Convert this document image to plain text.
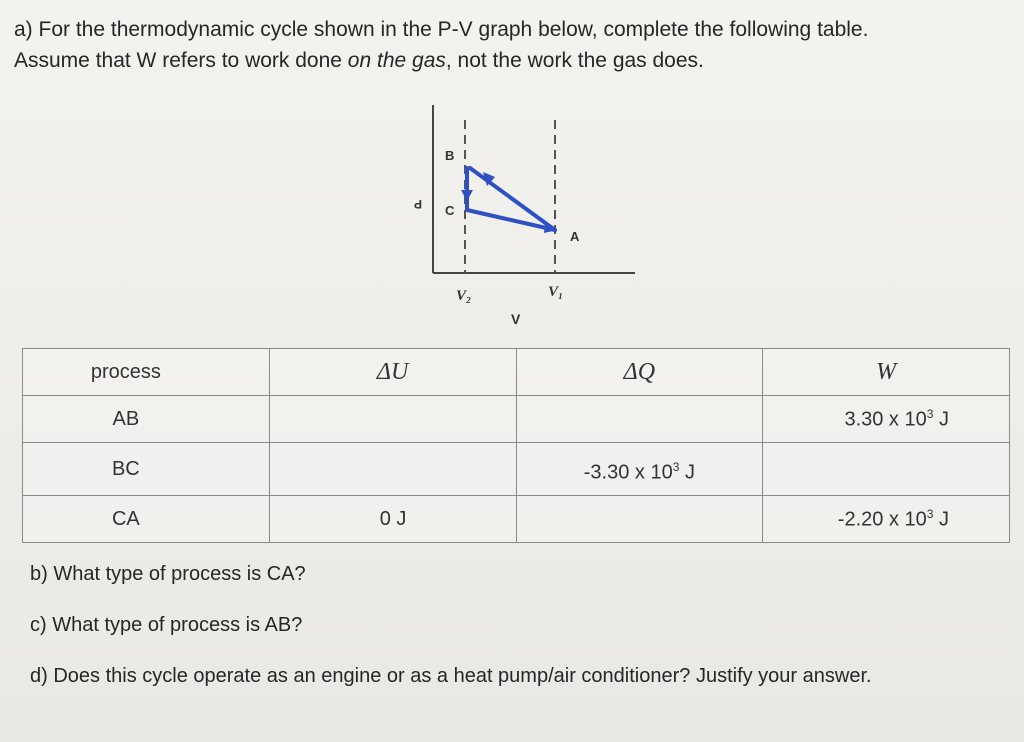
a) For the thermodynamic cycle shown in the P-V graph below, complete the following table.

Assume that W refers to work done on the gas, not the work the gas does.

B
C
A
P
V₂	V₁
V
process	ΔU	ΔQ	W
AB			3.30 x $10^3$ J
BC		-3.30 x $10^3$ J	
CA	0 J		-2.20 x $10^3$ J

b) What type of process is CA?

c) What type of process is AB?

d) Does this cycle operate as an engine or as a heat pump/air conditioner? Justify your answer.
